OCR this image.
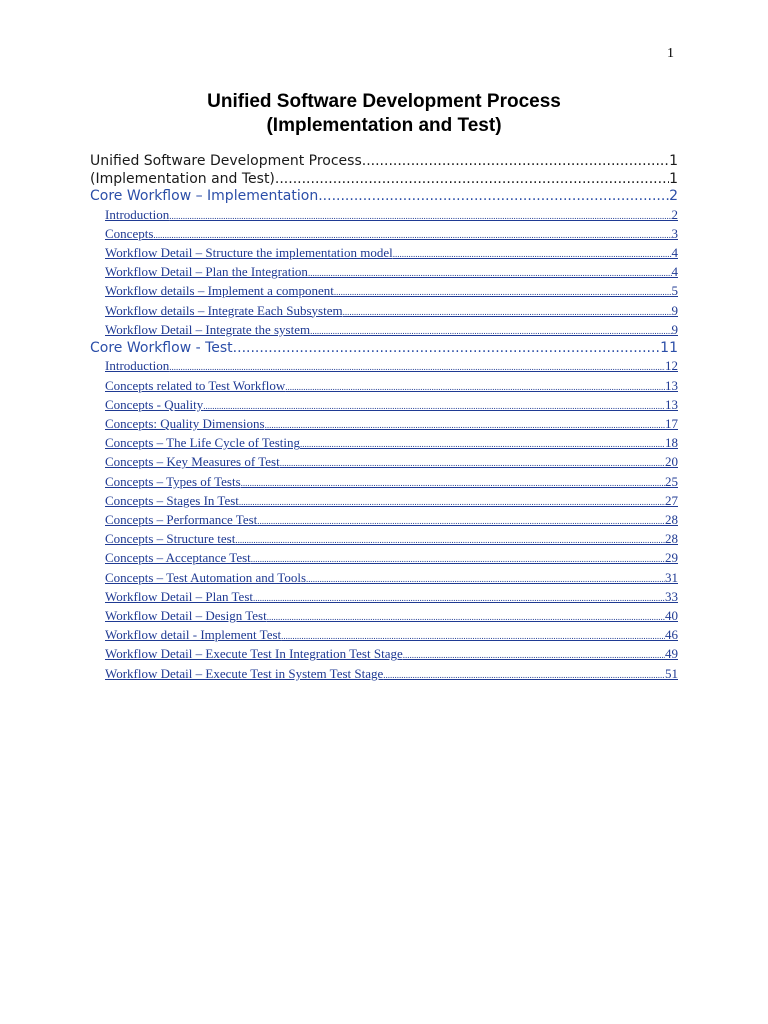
1
Unified Software Development Process
(Implementation and Test)
Unified Software Development Process .....	1
(Implementation and Test) .....	1
Core Workflow – Implementation .....	2
Introduction .....	2
Concepts .....	3
Workflow Detail – Structure the implementation model .....	4
Workflow Detail – Plan the Integration .....	4
Workflow details – Implement a component .....	5
Workflow details – Integrate Each Subsystem .....	9
Workflow Detail – Integrate the system .....	9
Core Workflow - Test .....	11
Introduction .....	12
Concepts related to Test Workflow .....	13
Concepts - Quality .....	13
Concepts: Quality Dimensions .....	17
Concepts – The Life Cycle of Testing .....	18
Concepts – Key Measures of Test .....	20
Concepts – Types of Tests .....	25
Concepts – Stages In Test .....	27
Concepts – Performance Test .....	28
Concepts – Structure test .....	28
Concepts – Acceptance Test .....	29
Concepts – Test Automation and Tools .....	31
Workflow Detail – Plan Test .....	33
Workflow Detail – Design Test .....	40
Workflow detail - Implement Test .....	46
Workflow Detail – Execute Test In Integration Test Stage .....	49
Workflow Detail – Execute Test in System Test Stage .....	51
